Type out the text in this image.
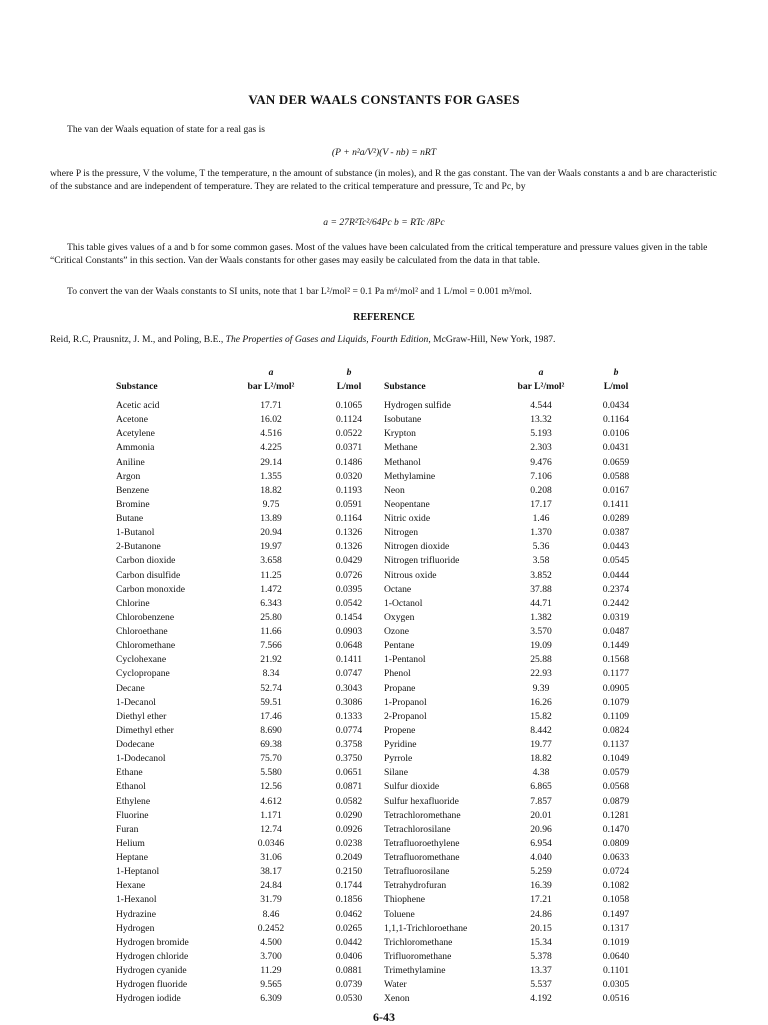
VAN DER WAALS CONSTANTS FOR GASES
The van der Waals equation of state for a real gas is
(P + n²a/V²)(V - nb) = nRT
where P is the pressure, V the volume, T the temperature, n the amount of substance (in moles), and R the gas constant. The van der Waals constants a and b are characteristic of the substance and are independent of temperature. They are related to the critical temperature and pressure, Tc and Pc, by
a = 27R²Tc²/64Pc b = RTc /8Pc
This table gives values of a and b for some common gases. Most of the values have been calculated from the critical temperature and pressure values given in the table “Critical Constants” in this section. Van der Waals constants for other gases may easily be calculated from the data in that table.
To convert the van der Waals constants to SI units, note that 1 bar L²/mol² = 0.1 Pa m⁶/mol² and 1 L/mol = 0.001 m³/mol.
REFERENCE
Reid, R.C, Prausnitz, J. M., and Poling, B.E., The Properties of Gases and Liquids, Fourth Edition, McGraw-Hill, New York, 1987.
	a	b
Substance	bar L²/mol²	L/mol
Acetic acid	17.71	0.1065
Acetone	16.02	0.1124
Acetylene	4.516	0.0522
Ammonia	4.225	0.0371
Aniline	29.14	0.1486
Argon	1.355	0.0320
Benzene	18.82	0.1193
Bromine	9.75	0.0591
Butane	13.89	0.1164
1-Butanol	20.94	0.1326
2-Butanone	19.97	0.1326
Carbon dioxide	3.658	0.0429
Carbon disulfide	11.25	0.0726
Carbon monoxide	1.472	0.0395
Chlorine	6.343	0.0542
Chlorobenzene	25.80	0.1454
Chloroethane	11.66	0.0903
Chloromethane	7.566	0.0648
Cyclohexane	21.92	0.1411
Cyclopropane	8.34	0.0747
Decane	52.74	0.3043
1-Decanol	59.51	0.3086
Diethyl ether	17.46	0.1333
Dimethyl ether	8.690	0.0774
Dodecane	69.38	0.3758
1-Dodecanol	75.70	0.3750
Ethane	5.580	0.0651
Ethanol	12.56	0.0871
Ethylene	4.612	0.0582
Fluorine	1.171	0.0290
Furan	12.74	0.0926
Helium	0.0346	0.0238
Heptane	31.06	0.2049
1-Heptanol	38.17	0.2150
Hexane	24.84	0.1744
1-Hexanol	31.79	0.1856
Hydrazine	8.46	0.0462
Hydrogen	0.2452	0.0265
Hydrogen bromide	4.500	0.0442
Hydrogen chloride	3.700	0.0406
Hydrogen cyanide	11.29	0.0881
Hydrogen fluoride	9.565	0.0739
Hydrogen iodide	6.309	0.0530
	a	b
Substance	bar L²/mol²	L/mol
Hydrogen sulfide	4.544	0.0434
Isobutane	13.32	0.1164
Krypton	5.193	0.0106
Methane	2.303	0.0431
Methanol	9.476	0.0659
Methylamine	7.106	0.0588
Neon	0.208	0.0167
Neopentane	17.17	0.1411
Nitric oxide	1.46	0.0289
Nitrogen	1.370	0.0387
Nitrogen dioxide	5.36	0.0443
Nitrogen trifluoride	3.58	0.0545
Nitrous oxide	3.852	0.0444
Octane	37.88	0.2374
1-Octanol	44.71	0.2442
Oxygen	1.382	0.0319
Ozone	3.570	0.0487
Pentane	19.09	0.1449
1-Pentanol	25.88	0.1568
Phenol	22.93	0.1177
Propane	9.39	0.0905
1-Propanol	16.26	0.1079
2-Propanol	15.82	0.1109
Propene	8.442	0.0824
Pyridine	19.77	0.1137
Pyrrole	18.82	0.1049
Silane	4.38	0.0579
Sulfur dioxide	6.865	0.0568
Sulfur hexafluoride	7.857	0.0879
Tetrachloromethane	20.01	0.1281
Tetrachlorosilane	20.96	0.1470
Tetrafluoroethylene	6.954	0.0809
Tetrafluoromethane	4.040	0.0633
Tetrafluorosilane	5.259	0.0724
Tetrahydrofuran	16.39	0.1082
Thiophene	17.21	0.1058
Toluene	24.86	0.1497
1,1,1-Trichloroethane	20.15	0.1317
Trichloromethane	15.34	0.1019
Trifluoromethane	5.378	0.0640
Trimethylamine	13.37	0.1101
Water	5.537	0.0305
Xenon	4.192	0.0516
6-43
